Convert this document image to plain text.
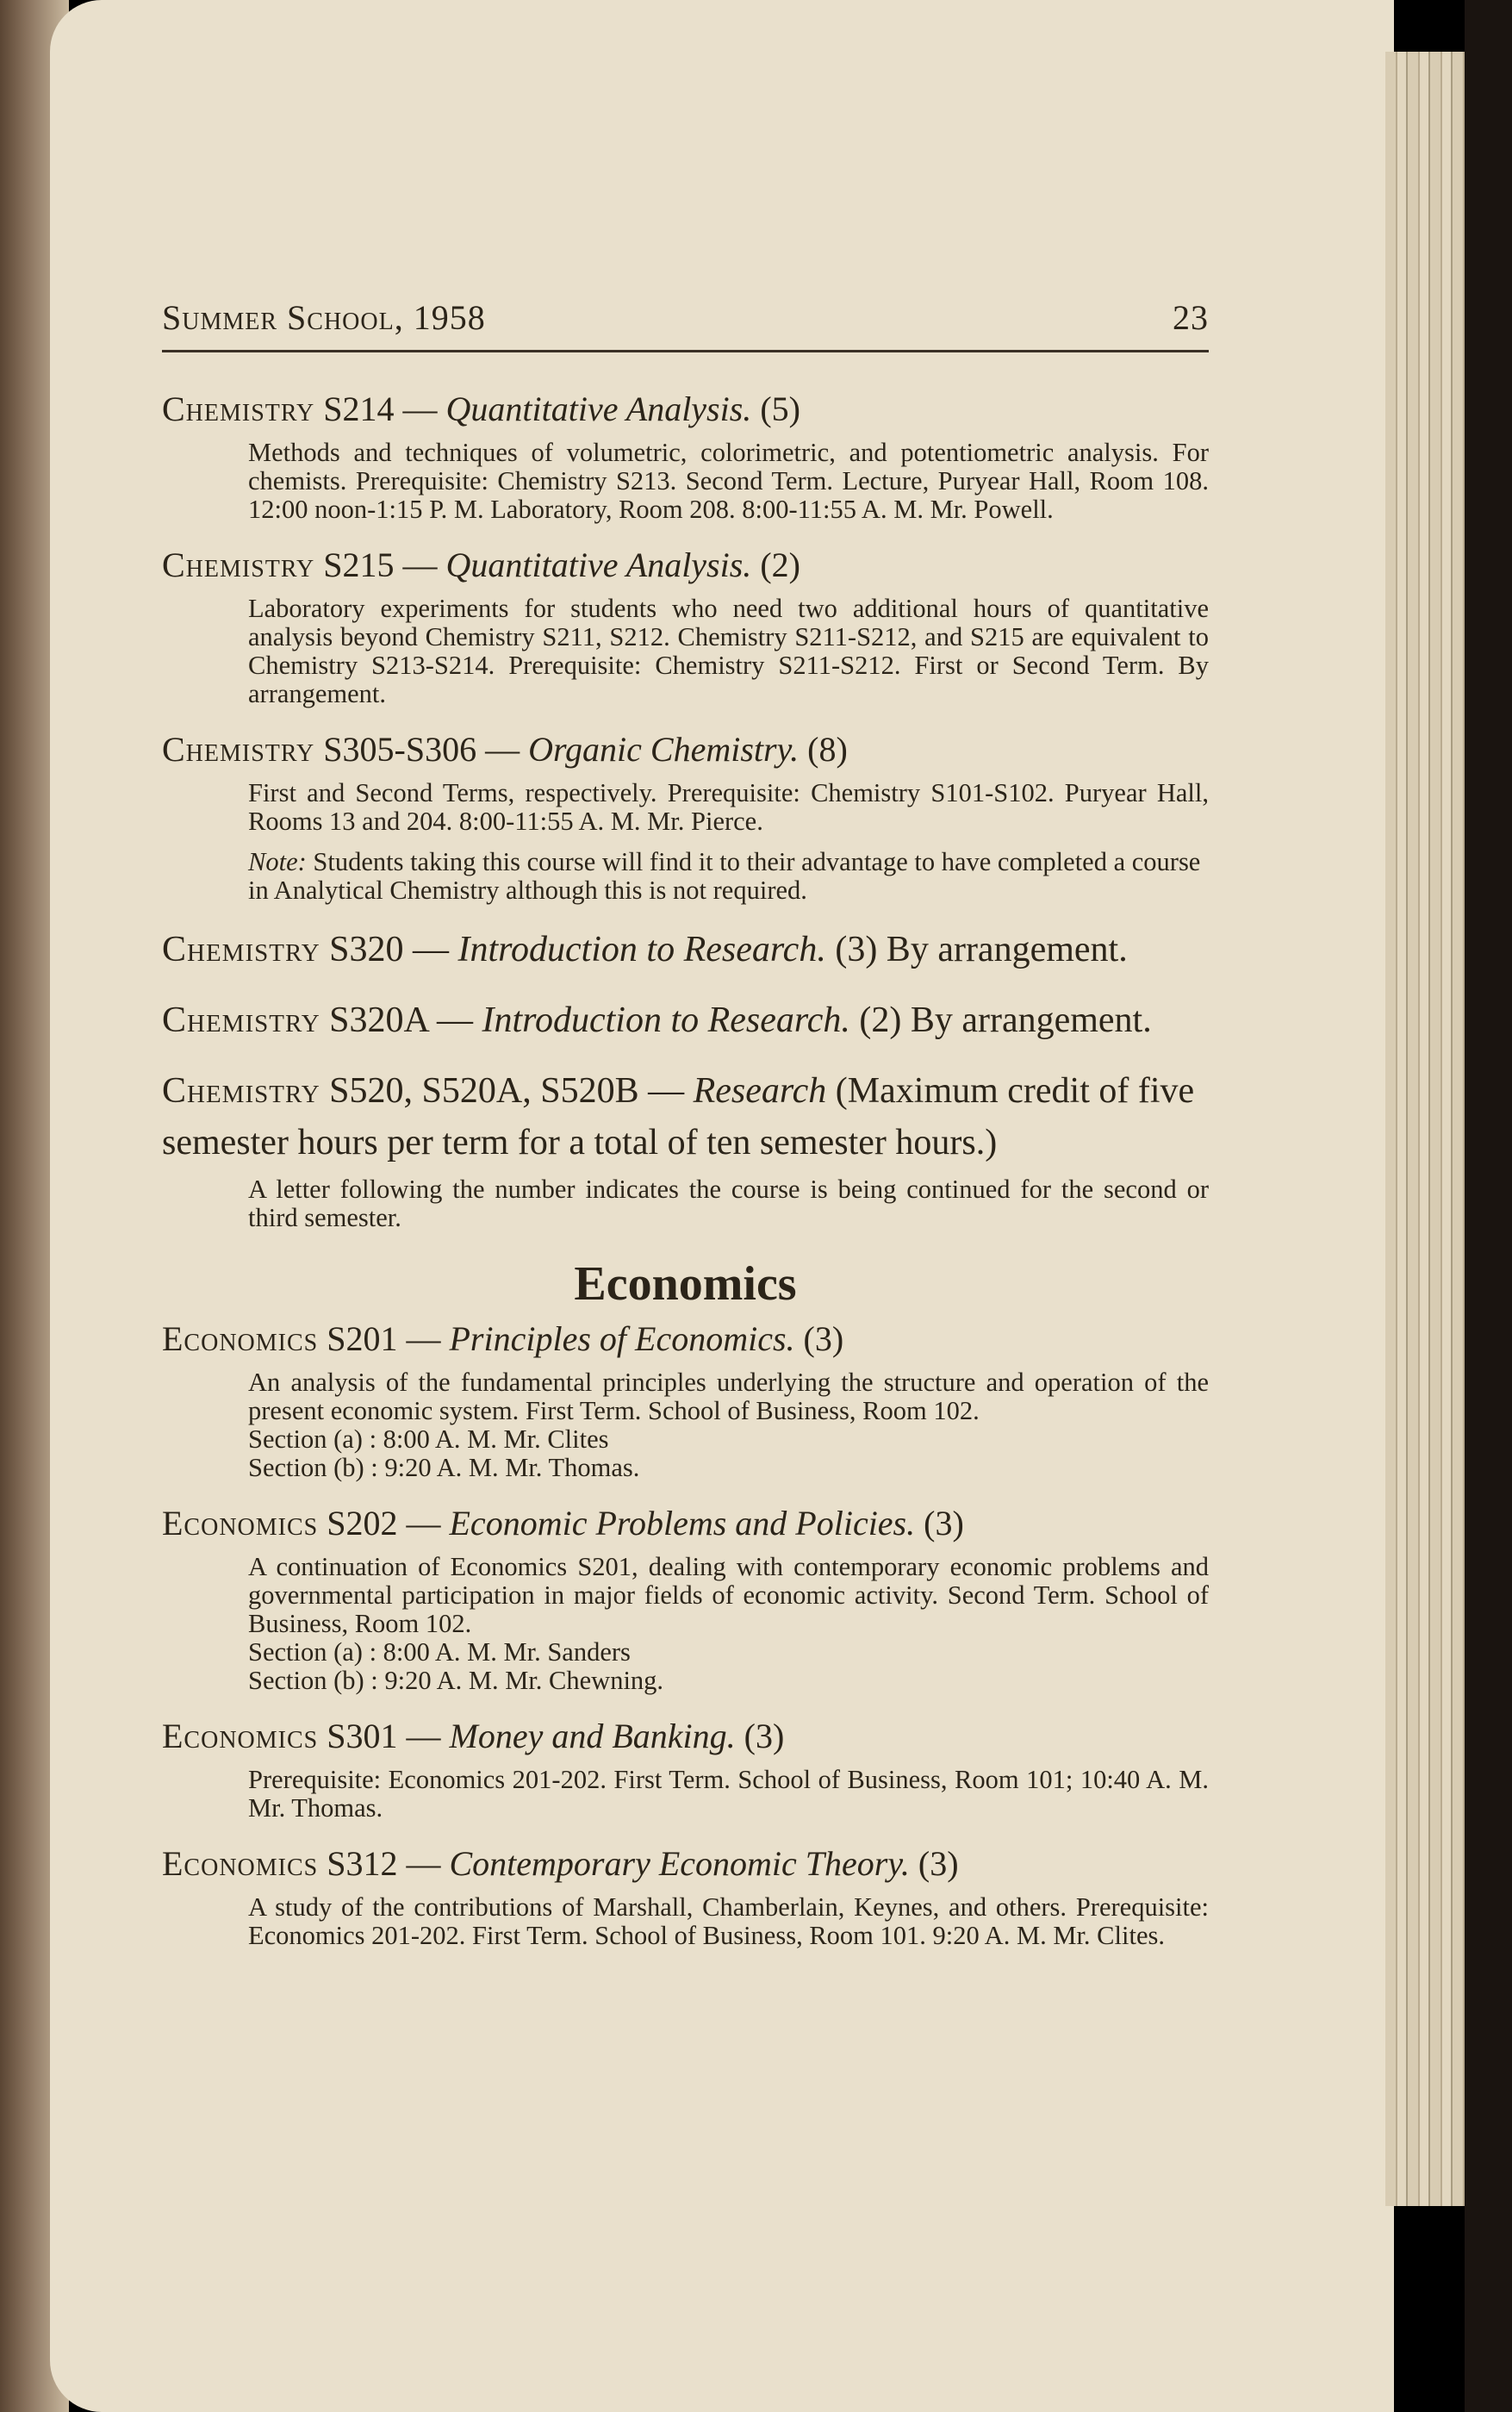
Summer School, 1958	23
Chemistry S214 — Quantitative Analysis. (5)
Methods and techniques of volumetric, colorimetric, and potentiometric analysis. For chemists. Prerequisite: Chemistry S213. Second Term. Lecture, Puryear Hall, Room 108. 12:00 noon-1:15 P. M. Laboratory, Room 208. 8:00-11:55 A. M. Mr. Powell.
Chemistry S215 — Quantitative Analysis. (2)
Laboratory experiments for students who need two additional hours of quantitative analysis beyond Chemistry S211, S212. Chemistry S211-S212, and S215 are equivalent to Chemistry S213-S214. Prerequisite: Chemistry S211-S212. First or Second Term. By arrangement.
Chemistry S305-S306 — Organic Chemistry. (8)
First and Second Terms, respectively. Prerequisite: Chemistry S101-S102. Puryear Hall, Rooms 13 and 204. 8:00-11:55 A. M. Mr. Pierce.
Note: Students taking this course will find it to their advantage to have completed a course in Analytical Chemistry although this is not required.
Chemistry S320 — Introduction to Research. (3) By arrangement.
Chemistry S320A — Introduction to Research. (2) By arrangement.
Chemistry S520, S520A, S520B — Research (Maximum credit of five semester hours per term for a total of ten semester hours.)
A letter following the number indicates the course is being continued for the second or third semester.
Economics
Economics S201 — Principles of Economics. (3)
An analysis of the fundamental principles underlying the structure and operation of the present economic system. First Term. School of Business, Room 102.
Section (a) : 8:00 A. M. Mr. Clites
Section (b) : 9:20 A. M. Mr. Thomas.
Economics S202 — Economic Problems and Policies. (3)
A continuation of Economics S201, dealing with contemporary economic problems and governmental participation in major fields of economic activity. Second Term. School of Business, Room 102.
Section (a) : 8:00 A. M. Mr. Sanders
Section (b) : 9:20 A. M. Mr. Chewning.
Economics S301 — Money and Banking. (3)
Prerequisite: Economics 201-202. First Term. School of Business, Room 101; 10:40 A. M. Mr. Thomas.
Economics S312 — Contemporary Economic Theory. (3)
A study of the contributions of Marshall, Chamberlain, Keynes, and others. Prerequisite: Economics 201-202. First Term. School of Business, Room 101. 9:20 A. M. Mr. Clites.
